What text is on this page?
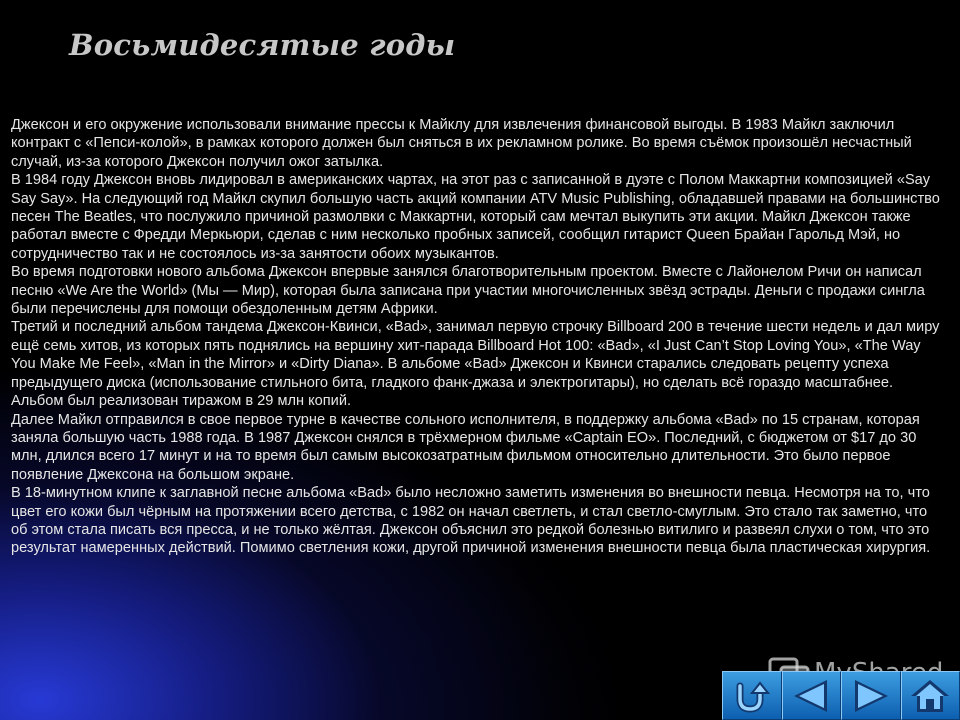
Восьмидесятые годы

Джексон и его окружение использовали внимание прессы к Майклу для извлечения финансовой выгоды. В 1983 Майкл заключил контракт с «Пепси-колой», в рамках которого должен был сняться в их рекламном ролике. Во время съёмок произошёл несчастный случай, из-за которого Джексон получил ожог затылка.

В 1984 году Джексон вновь лидировал в американских чартах, на этот раз с записанной в дуэте с Полом Маккартни композицией «Say Say Say». На следующий год Майкл скупил большую часть акций компании ATV Music Publishing, обладавшей правами на большинство песен The Beatles, что послужило причиной размолвки с Маккартни, который сам мечтал выкупить эти акции. Майкл Джексон также работал вместе с Фредди Меркьюри, сделав с ним несколько пробных записей, сообщил гитарист Queen Брайан Гарольд Мэй, но сотрудничество так и не состоялось из-за занятости обоих музыкантов.

Во время подготовки нового альбома Джексон впервые занялся благотворительным проектом. Вместе с Лайонелом Ричи он написал песню «We Are the World» (Мы — Мир), которая была записана при участии многочисленных звёзд эстрады. Деньги с продажи сингла были перечислены для помощи обездоленным детям Африки.

Третий и последний альбом тандема Джексон-Квинси, «Bad», занимал первую строчку Billboard 200 в течение шести недель и дал миру ещё семь хитов, из которых пять поднялись на вершину хит-парада Billboard Hot 100: «Bad», «I Just Can’t Stop Loving You», «The Way You Make Me Feel», «Man in the Mirror» и «Dirty Diana». В альбоме «Bad» Джексон и Квинси старались следовать рецепту успеха предыдущего диска (использование стильного бита, гладкого фанк-джаза и электрогитары), но сделать всё гораздо масштабнее. Альбом был реализован тиражом в 29 млн копий.

Далее Майкл отправился в свое первое турне в качестве сольного исполнителя, в поддержку альбома «Bad» по 15 странам, которая заняла большую часть 1988 года. В 1987 Джексон снялся в трёхмерном фильме «Captain EO». Последний, с бюджетом от $17 до 30 млн, длился всего 17 минут и на то время был самым высокозатратным фильмом относительно длительности. Это было первое появление Джексона на большом экране.

В 18-минутном клипе к заглавной песне альбома «Bad» было несложно заметить изменения во внешности певца. Несмотря на то, что цвет его кожи был чёрным на протяжении всего детства, с 1982 он начал светлеть, и стал светло-смуглым. Это стало так заметно, что об этом стала писать вся пресса, и не только жёлтая. Джексон объяснил это редкой болезнью витилиго и развеял слухи о том, что это результат намеренных действий. Помимо светления кожи, другой причиной изменения внешности певца была пластическая хирургия.
